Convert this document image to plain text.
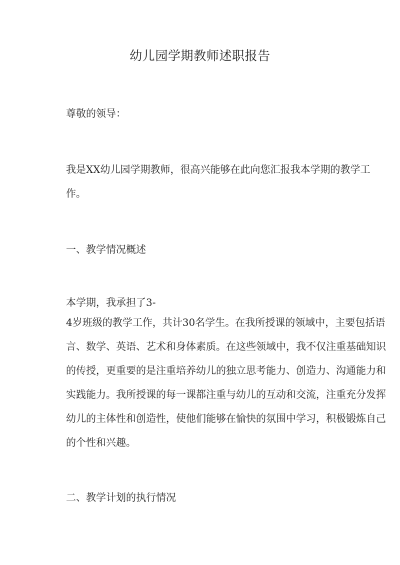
幼儿园学期教师述职报告
尊敬的领导：
我是XX幼儿园学期教师，很高兴能够在此向您汇报我本学期的教学工
作。
一、教学情况概述
本学期，我承担了3-
4岁班级的教学工作，共计30名学生。在我所授课的领域中，主要包括语
言、数学、英语、艺术和身体素质。在这些领域中，我不仅注重基础知识
的传授，更重要的是注重培养幼儿的独立思考能力、创造力、沟通能力和
实践能力。我所授课的每一课都注重与幼儿的互动和交流，注重充分发挥
幼儿的主体性和创造性，使他们能够在愉快的氛围中学习，积极锻炼自己
的个性和兴趣。
二、教学计划的执行情况
